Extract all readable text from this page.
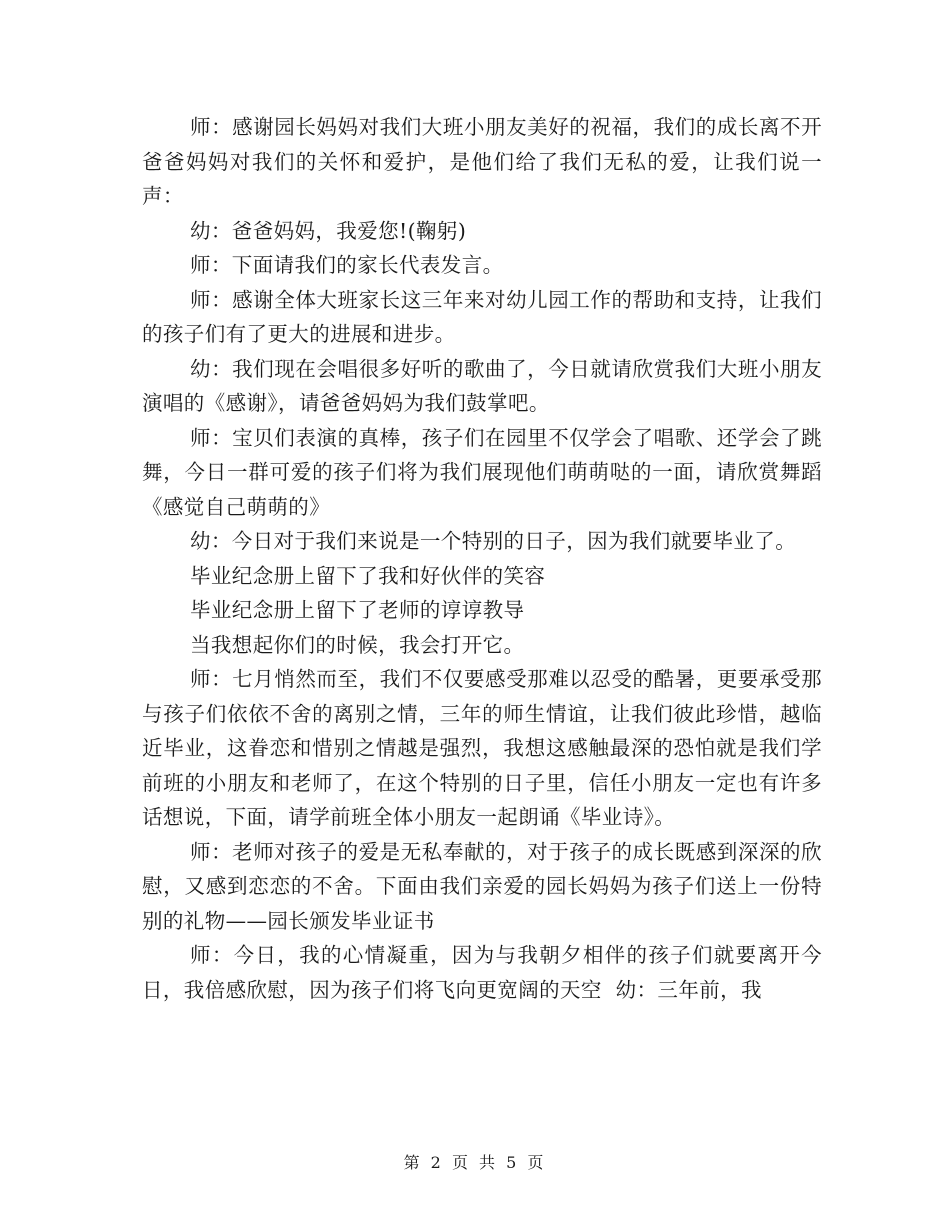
师：感谢园长妈妈对我们大班小朋友美好的祝福，我们的成长离不开爸爸妈妈对我们的关怀和爱护，是他们给了我们无私的爱，让我们说一声：

幼：爸爸妈妈，我爱您!(鞠躬)

师：下面请我们的家长代表发言。

师：感谢全体大班家长这三年来对幼儿园工作的帮助和支持，让我们的孩子们有了更大的进展和进步。

幼：我们现在会唱很多好听的歌曲了，今日就请欣赏我们大班小朋友演唱的《感谢》，请爸爸妈妈为我们鼓掌吧。

师：宝贝们表演的真棒，孩子们在园里不仅学会了唱歌、还学会了跳舞，今日一群可爱的孩子们将为我们展现他们萌萌哒的一面，请欣赏舞蹈《感觉自己萌萌的》

幼：今日对于我们来说是一个特别的日子，因为我们就要毕业了。

毕业纪念册上留下了我和好伙伴的笑容

毕业纪念册上留下了老师的谆谆教导

当我想起你们的时候，我会打开它。

师：七月悄然而至，我们不仅要感受那难以忍受的酷暑，更要承受那与孩子们依依不舍的离别之情，三年的师生情谊，让我们彼此珍惜，越临近毕业，这眷恋和惜别之情越是强烈，我想这感触最深的恐怕就是我们学前班的小朋友和老师了，在这个特别的日子里，信任小朋友一定也有许多话想说，下面，请学前班全体小朋友一起朗诵《毕业诗》。

师：老师对孩子的爱是无私奉献的，对于孩子的成长既感到深深的欣慰，又感到恋恋的不舍。下面由我们亲爱的园长妈妈为孩子们送上一份特别的礼物——园长颁发毕业证书

师：今日，我的心情凝重，因为与我朝夕相伴的孩子们就要离开今日，我倍感欣慰，因为孩子们将飞向更宽阔的天空  幼：三年前，我

第 2 页 共 5 页
